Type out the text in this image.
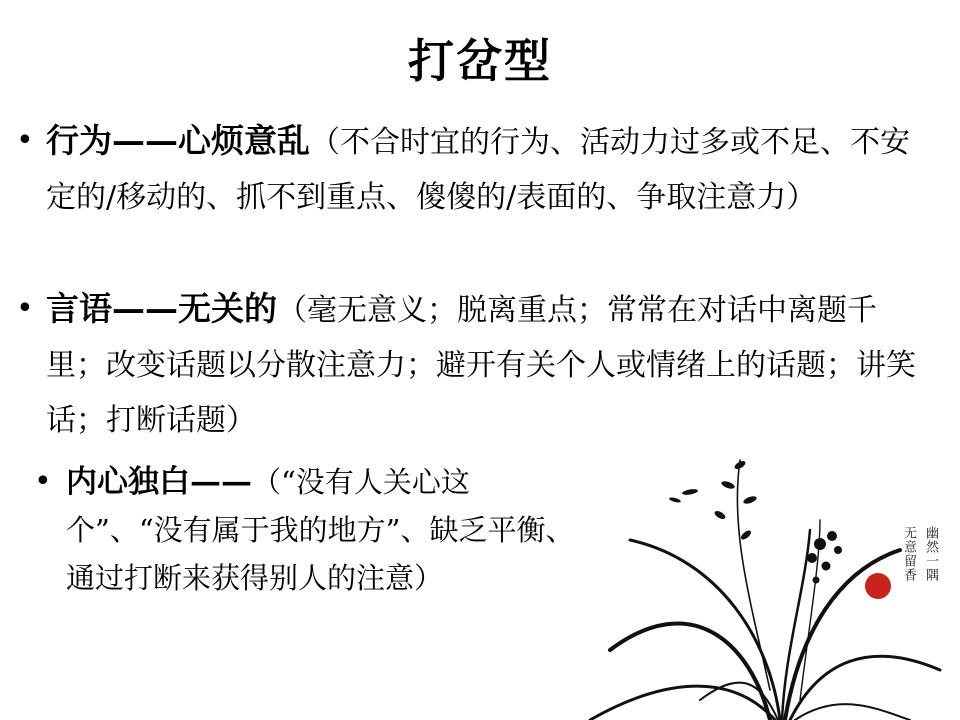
打岔型
• 行为——心烦意乱（不合时宜的行为、活动力过多或不足、不安定的/移动的、抓不到重点、傻傻的/表面的、争取注意力）
• 言语——无关的（毫无意义；脱离重点；常常在对话中离题千里；改变话题以分散注意力；避开有关个人或情绪上的话题；讲笑话；打断话题）
• 内心独白——（“没有人关心这个”、“没有属于我的地方”、缺乏平衡、通过打断来获得别人的注意）	幽然一隅
无意留香
